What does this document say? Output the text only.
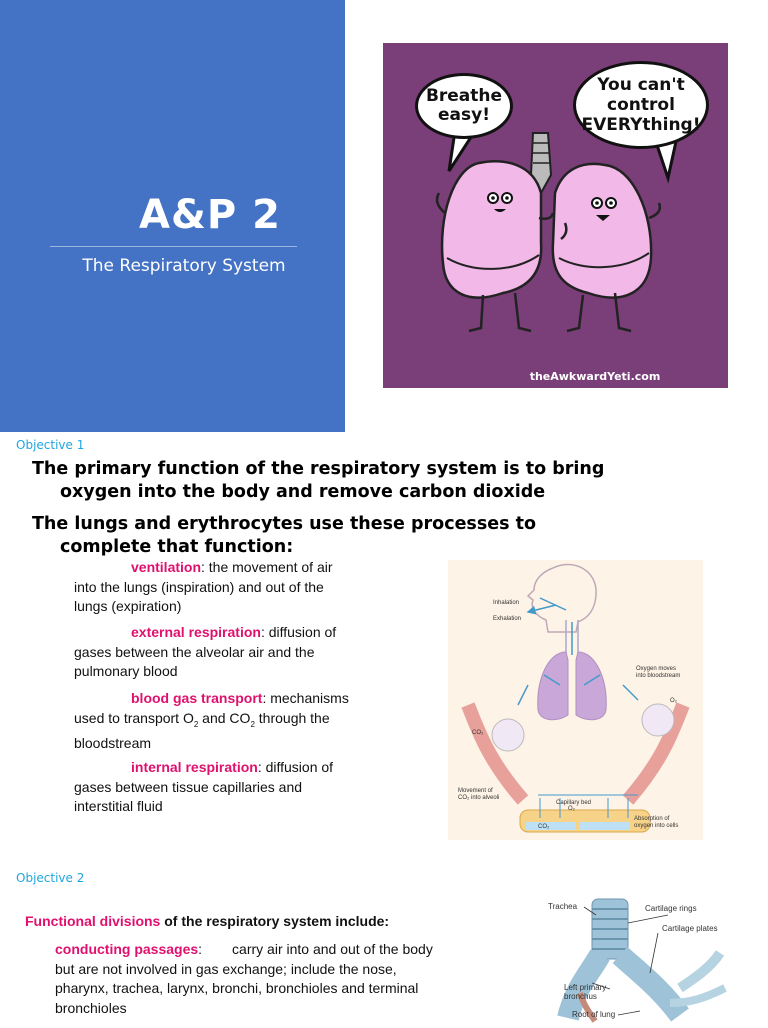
A&P 2
The Respiratory System
Breathe easy!
You can't control EVERYthing!
theAwkwardYeti.com
Objective 1
The primary function of the respiratory system is to bring
oxygen into the body and remove carbon dioxide
The lungs and erythrocytes use these processes to
complete that function:
ventilation: the movement of air
into the lungs (inspiration) and out of the
lungs (expiration)
external respiration: diffusion of
gases between the alveolar air and the
pulmonary blood
blood gas transport: mechanisms
used to transport $O_2$ and $CO_2$ through the
bloodstream
internal respiration: diffusion of
gases between tissue capillaries and
interstitial fluid
Inhalation
Exhalation
Oxygen moves
into bloodstream
Movement of
CO₂ into alveoli
Capillary bed
Absorption of
oxygen into cells
CO₂
CO₂
O₂
O₂
Objective 2
Functional divisions of the respiratory system include:
conducting passages: carry air into and out of the body
but are not involved in gas exchange; include the nose,
pharynx, trachea, larynx, bronchi, bronchioles and terminal
bronchioles
Trachea	Cartilage rings
Cartilage plates
Left primary
bronchus
Root of lung
